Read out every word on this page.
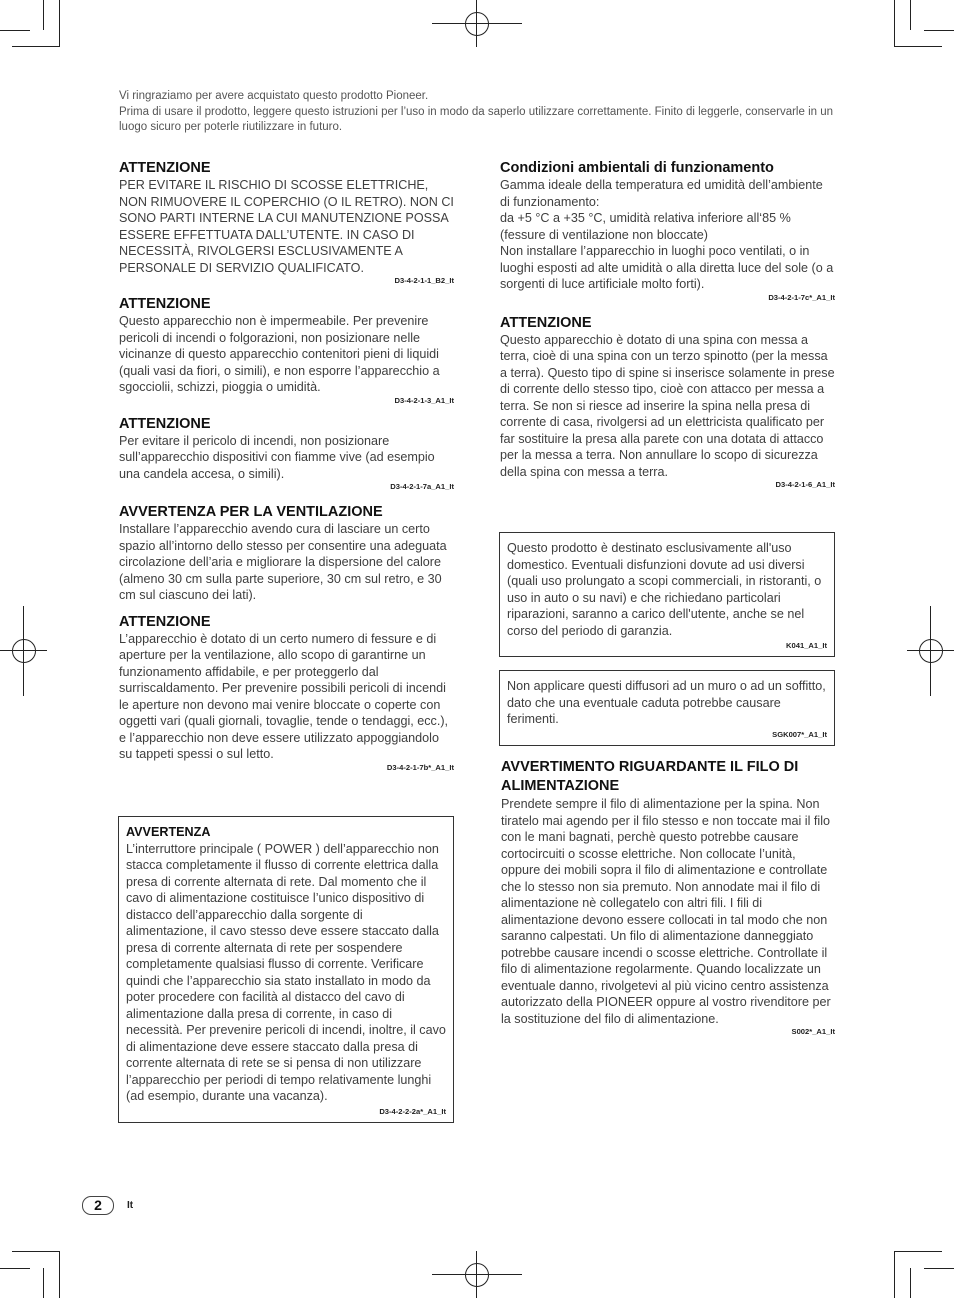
Vi ringraziamo per avere acquistato questo prodotto Pioneer.

Prima di usare il prodotto, leggere questo istruzioni per l’uso in modo da saperlo utilizzare correttamente. Finito di leggerle, conservarle in un luogo sicuro per poterle riutilizzare in futuro.

ATTENZIONE

PER EVITARE IL RISCHIO DI SCOSSE ELETTRICHE, NON RIMUOVERE IL COPERCHIO (O IL RETRO). NON CI SONO PARTI INTERNE LA CUI MANUTENZIONE POSSA ESSERE EFFETTUATA DALL’UTENTE. IN CASO DI NECESSITÀ, RIVOLGERSI ESCLUSIVAMENTE A PERSONALE DI SERVIZIO QUALIFICATO.

D3-4-2-1-1_B2_It

ATTENZIONE

Questo apparecchio non è impermeabile. Per prevenire pericoli di incendi o folgorazioni, non posizionare nelle vicinanze di questo apparecchio contenitori pieni di liquidi (quali vasi da fiori, o simili), e non esporre l’apparecchio a sgocciolii, schizzi, pioggia o umidità.

D3-4-2-1-3_A1_It

ATTENZIONE

Per evitare il pericolo di incendi, non posizionare sull’apparecchio dispositivi con fiamme vive (ad esempio una candela accesa, o simili).

D3-4-2-1-7a_A1_It

AVVERTENZA PER LA VENTILAZIONE

Installare l’apparecchio avendo cura di lasciare un certo spazio all’intorno dello stesso per consentire una adeguata circolazione dell’aria e migliorare la dispersione del calore (almeno 30 cm sulla parte superiore, 30 cm sul retro, e 30 cm sul ciascuno dei lati).

ATTENZIONE

L’apparecchio è dotato di un certo numero di fessure e di aperture per la ventilazione, allo scopo di garantirne un funzionamento affidabile, e per proteggerlo dal surriscaldamento. Per prevenire possibili pericoli di incendi le aperture non devono mai venire bloccate o coperte con oggetti vari (quali giornali, tovaglie, tende o tendaggi, ecc.), e l’apparecchio non deve essere utilizzato appoggiandolo su tappeti spessi o sul letto.

D3-4-2-1-7b*_A1_It

AVVERTENZA

L’interruttore principale ( POWER ) dell’apparecchio non stacca completamente il flusso di corrente elettrica dalla presa di corrente alternata di rete. Dal momento che il cavo di alimentazione costituisce l’unico dispositivo di distacco dell’apparecchio dalla sorgente di alimentazione, il cavo stesso deve essere staccato dalla presa di corrente alternata di rete per sospendere completamente qualsiasi flusso di corrente. Verificare quindi che l’apparecchio sia stato installato in modo da poter procedere con facilità al distacco del cavo di alimentazione dalla presa di corrente, in caso di necessità. Per prevenire pericoli di incendi, inoltre, il cavo di alimentazione deve essere staccato dalla presa di corrente alternata di rete se si pensa di non utilizzare l’apparecchio per periodi di tempo relativamente lunghi (ad esempio, durante una vacanza).

D3-4-2-2-2a*_A1_It

Condizioni ambientali di funzionamento

Gamma ideale della temperatura ed umidità dell’ambiente di funzionamento:
da +5 °C a +35 °C, umidità relativa inferiore all‘85 % (fessure di ventilazione non bloccate)
Non installare l’apparecchio in luoghi poco ventilati, o in luoghi esposti ad alte umidità o alla diretta luce del sole (o a sorgenti di luce artificiale molto forti).

D3-4-2-1-7c*_A1_It

ATTENZIONE

Questo apparecchio è dotato di una spina con messa a terra, cioè di una spina con un terzo spinotto (per la messa a terra). Questo tipo di spine si inserisce solamente in prese di corrente dello stesso tipo, cioè con attacco per messa a terra. Se non si riesce ad inserire la spina nella presa di corrente di casa, rivolgersi ad un elettricista qualificato per far sostituire la presa alla parete con una dotata di attacco per la messa a terra. Non annullare lo scopo di sicurezza della spina con messa a terra.

D3-4-2-1-6_A1_It

Questo prodotto è destinato esclusivamente all'uso domestico. Eventuali disfunzioni dovute ad usi diversi (quali uso prolungato a scopi commerciali, in ristoranti, o uso in auto o su navi) e che richiedano particolari riparazioni, saranno a carico dell'utente, anche se nel corso del periodo di garanzia.

K041_A1_It

Non applicare questi diffusori ad un muro o ad un soffitto, dato che una eventuale caduta potrebbe causare ferimenti.

SGK007*_A1_It

AVVERTIMENTO RIGUARDANTE IL FILO DI ALIMENTAZIONE

Prendete sempre il filo di alimentazione per la spina. Non tiratelo mai agendo per il filo stesso e non toccate mai il filo con le mani bagnati, perchè questo potrebbe causare cortocircuiti o scosse elettriche. Non collocate l’unità, oppure dei mobili sopra il filo di alimentazione e controllate che lo stesso non sia premuto. Non annodate mai il filo di alimentazione nè collegatelo con altri fili. I fili di alimentazione devono essere collocati in tal modo che non saranno calpestati. Un filo di alimentazione danneggiato potrebbe causare incendi o scosse elettriche. Controllate il filo di alimentazione regolarmente. Quando localizzate un eventuale danno, rivolgetevi al più vicino centro assistenza autorizzato della PIONEER oppure al vostro rivenditore per la sostituzione del filo di alimentazione.

S002*_A1_It
2	It
